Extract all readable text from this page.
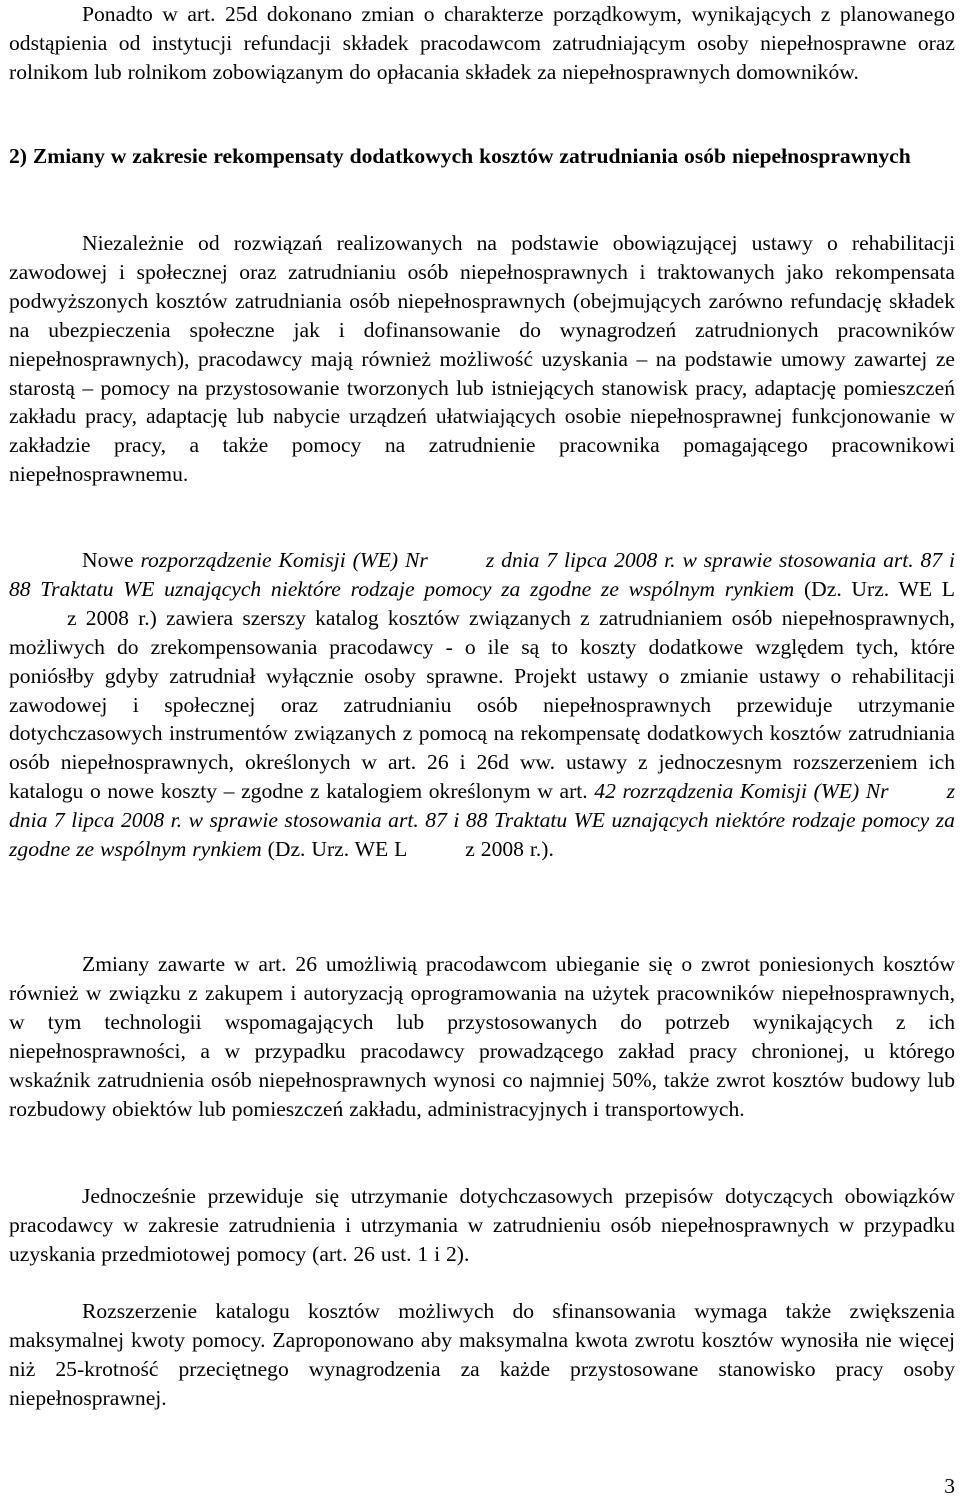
Ponadto w art. 25d dokonano zmian o charakterze porządkowym, wynikających z planowanego odstąpienia od instytucji refundacji składek pracodawcom zatrudniającym osoby niepełnosprawne oraz rolnikom lub rolnikom zobowiązanym do opłacania składek za niepełnosprawnych domowników.

2) Zmiany w zakresie rekompensaty dodatkowych kosztów zatrudniania osób niepełnosprawnych

Niezależnie od rozwiązań realizowanych na podstawie obowiązującej ustawy o rehabilitacji zawodowej i społecznej oraz zatrudnianiu osób niepełnosprawnych i traktowanych jako rekompensata podwyższonych kosztów zatrudniania osób niepełnosprawnych (obejmujących zarówno refundację składek na ubezpieczenia społeczne jak i dofinansowanie do wynagrodzeń zatrudnionych pracowników niepełnosprawnych), pracodawcy mają również możliwość uzyskania – na podstawie umowy zawartej ze starostą – pomocy na przystosowanie tworzonych lub istniejących stanowisk pracy, adaptację pomieszczeń zakładu pracy, adaptację lub nabycie urządzeń ułatwiających osobie niepełnosprawnej funkcjonowanie w zakładzie pracy, a także pomocy na zatrudnienie pracownika pomagającego pracownikowi niepełnosprawnemu.

Nowe rozporządzenie Komisji (WE) Nr	z dnia 7 lipca 2008 r. w sprawie stosowania art. 87 i 88 Traktatu WE uznających niektóre rodzaje pomocy za zgodne ze wspólnym rynkiem (Dz. Urz. WE Lz 2008 r.) zawiera szerszy katalog kosztów związanych z zatrudnianiem osób niepełnosprawnych, możliwych do zrekompensowania pracodawcy - o ile są to koszty dodatkowe względem tych, które poniósłby gdyby zatrudniał wyłącznie osoby sprawne. Projekt ustawy o zmianie ustawy o rehabilitacji zawodowej i społecznej oraz zatrudnianiu osób niepełnosprawnych przewiduje utrzymanie dotychczasowych instrumentów związanych z pomocą na rekompensatę dodatkowych kosztów zatrudniania osób niepełnosprawnych, określonych w art. 26 i 26d ww. ustawy z jednoczesnym rozszerzeniem ich katalogu o nowe koszty – zgodne z katalogiem określonym w art. 42 rozrządzenia Komisji (WE) Nr	z dnia 7 lipca 2008 r. w sprawie stosowania art. 87 i 88 Traktatu WE uznających niektóre rodzaje pomocy za zgodne ze wspólnym rynkiem (Dz. Urz. WE L	z 2008 r.).

Zmiany zawarte w art. 26 umożliwią pracodawcom ubieganie się o zwrot poniesionych kosztów również w związku z zakupem i autoryzacją oprogramowania na użytek pracowników niepełnosprawnych, w tym technologii wspomagających lub przystosowanych do potrzeb wynikających z ich niepełnosprawności, a w przypadku pracodawcy prowadzącego zakład pracy chronionej, u którego wskaźnik zatrudnienia osób niepełnosprawnych wynosi co najmniej 50%, także zwrot kosztów budowy lub rozbudowy obiektów lub pomieszczeń zakładu, administracyjnych i transportowych.

Jednocześnie przewiduje się utrzymanie dotychczasowych przepisów dotyczących obowiązków pracodawcy w zakresie zatrudnienia i utrzymania w zatrudnieniu osób niepełnosprawnych w przypadku uzyskania przedmiotowej pomocy (art. 26 ust. 1 i 2).

Rozszerzenie katalogu kosztów możliwych do sfinansowania wymaga także zwiększenia maksymalnej kwoty pomocy. Zaproponowano aby maksymalna kwota zwrotu kosztów wynosiła nie więcej niż 25-krotność przeciętnego wynagrodzenia za każde przystosowane stanowisko pracy osoby niepełnosprawnej.

3
